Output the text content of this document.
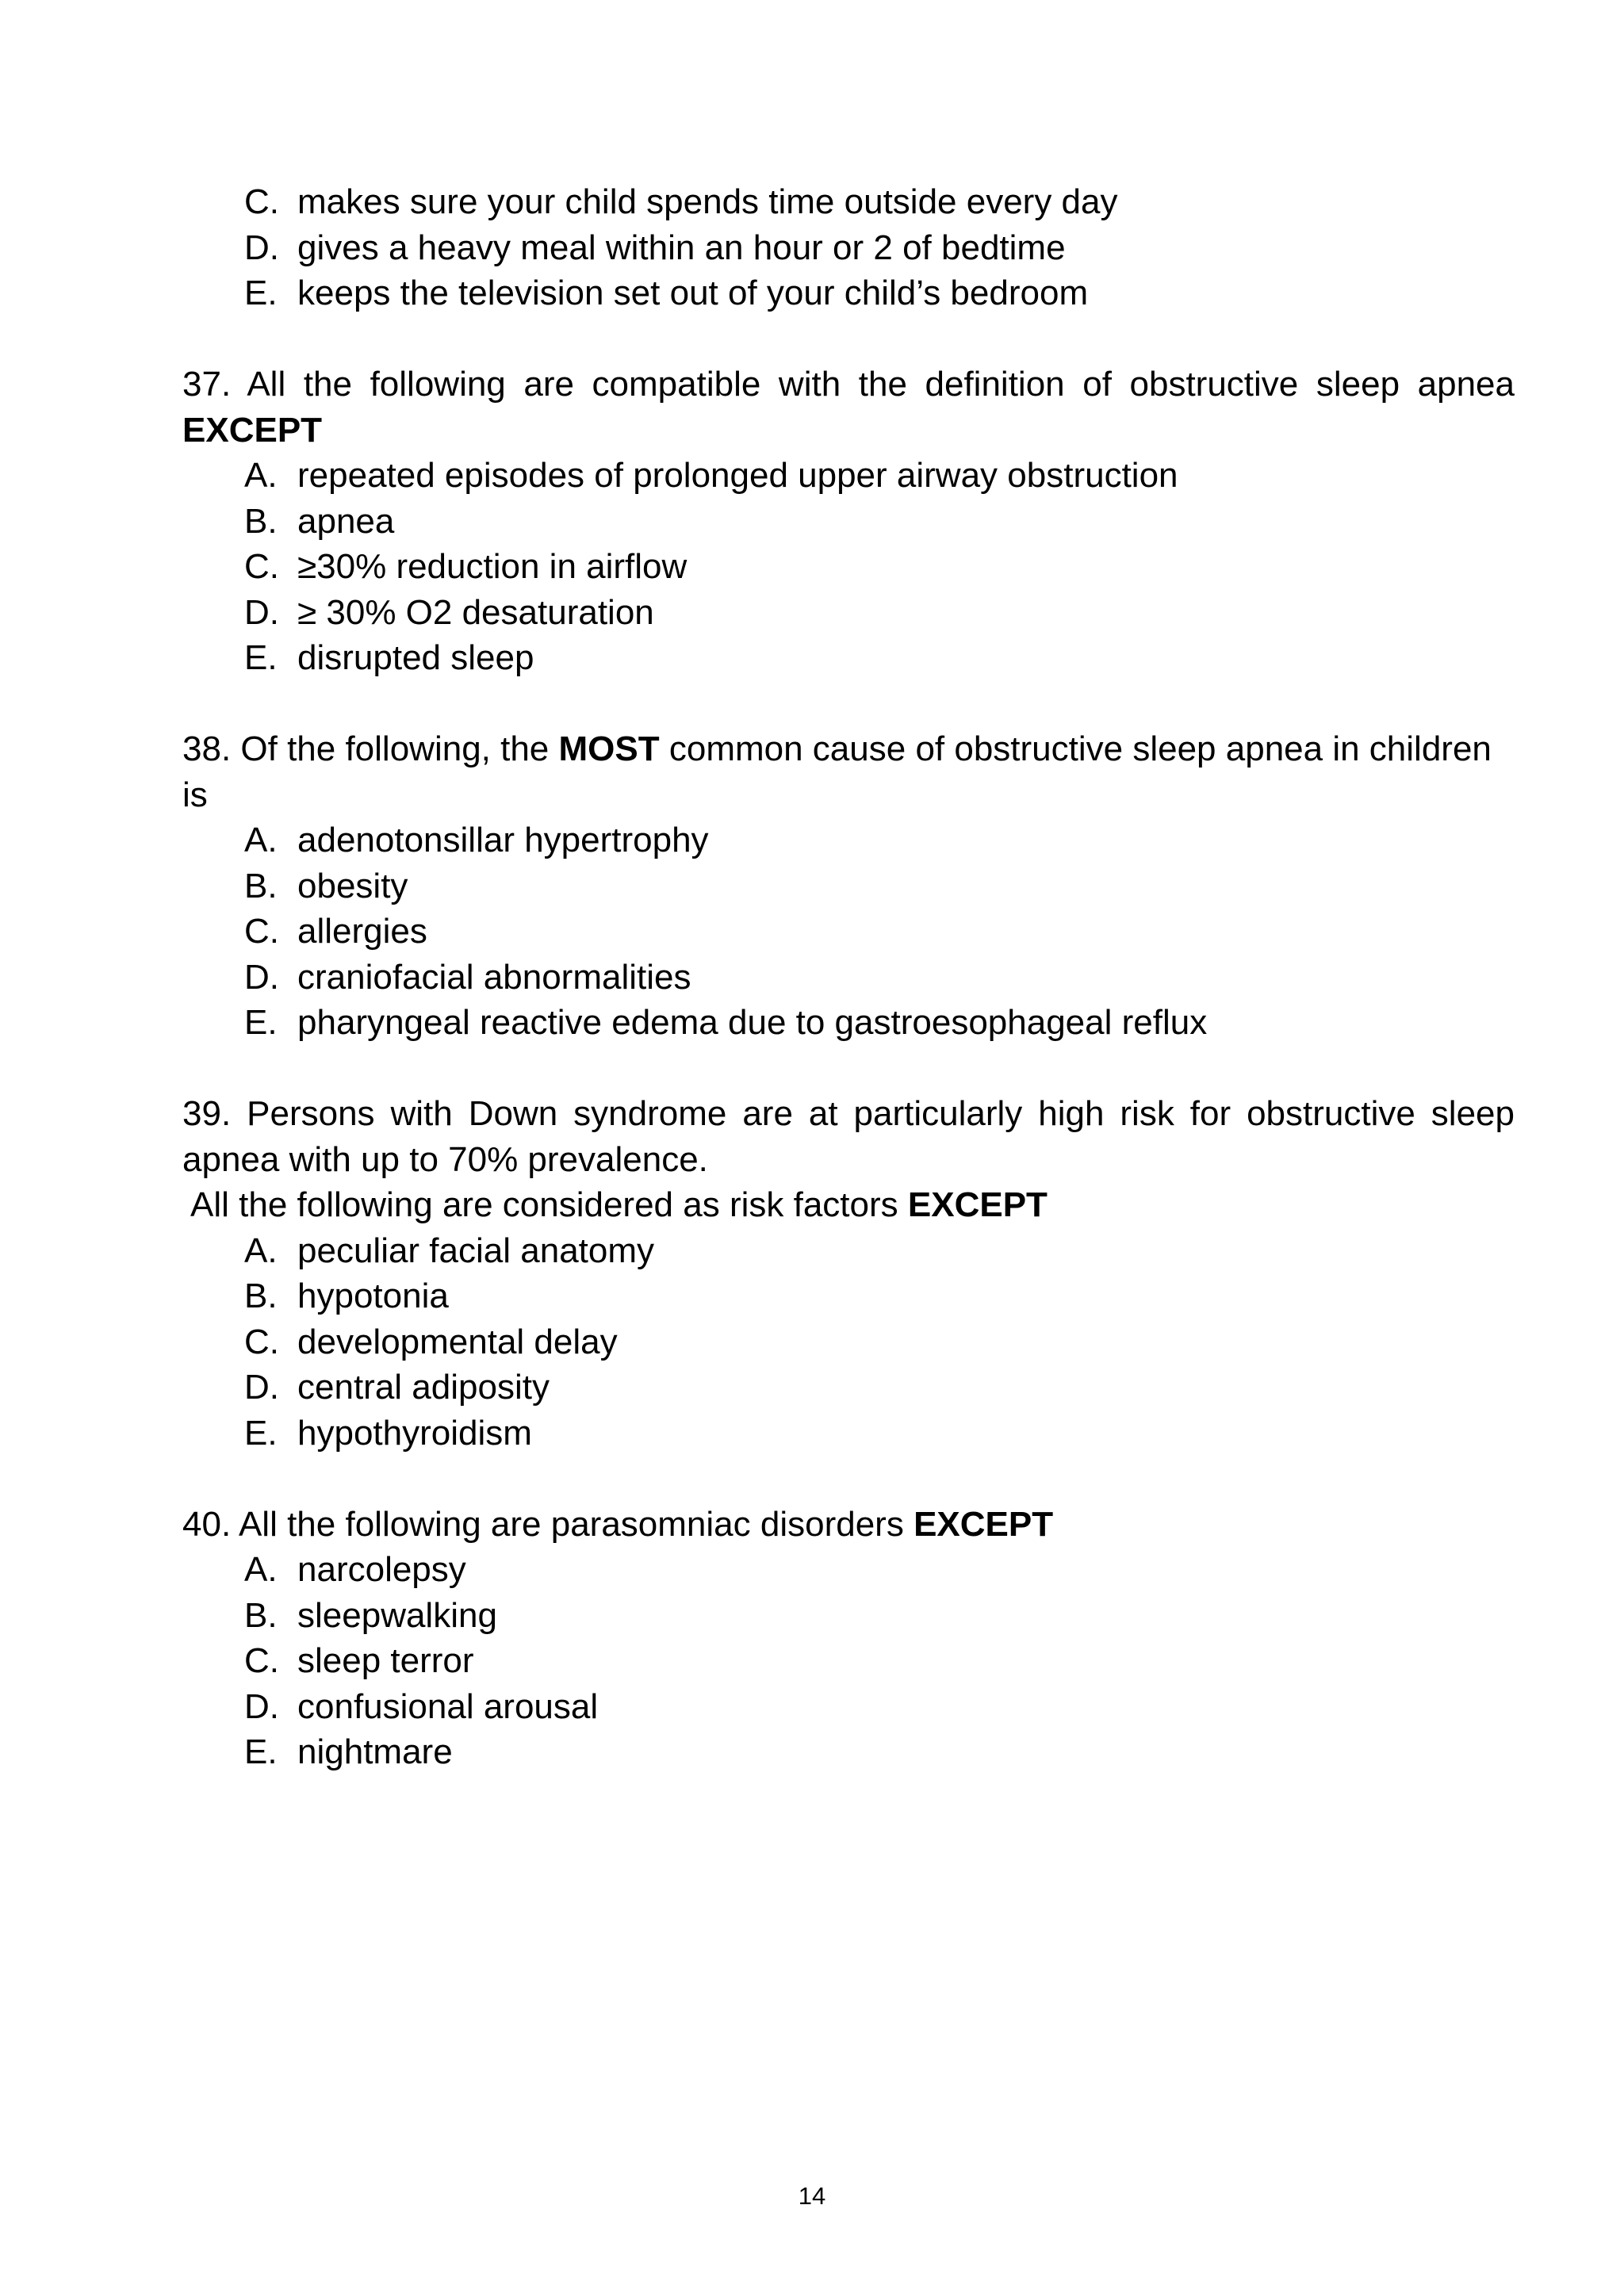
C. makes sure your child spends time outside every day
D. gives a heavy meal within an hour or 2 of bedtime
E. keeps the television set out of your child’s bedroom
37. All the following are compatible with the definition of obstructive sleep apnea EXCEPT
A. repeated episodes of prolonged upper airway obstruction
B. apnea
C. ≥30% reduction in airflow
D. ≥ 30% O2 desaturation
E. disrupted sleep
38. Of the following, the MOST common cause of obstructive sleep apnea in children is
A. adenotonsillar hypertrophy
B. obesity
C. allergies
D. craniofacial abnormalities
E. pharyngeal reactive edema due to gastroesophageal reflux
39. Persons with Down syndrome are at particularly high risk for obstructive sleep apnea with up to 70% prevalence.
All the following are considered as risk factors EXCEPT
A. peculiar facial anatomy
B. hypotonia
C. developmental delay
D. central adiposity
E. hypothyroidism
40. All the following are parasomniac disorders EXCEPT
A. narcolepsy
B. sleepwalking
C. sleep terror
D. confusional arousal
E. nightmare
14
